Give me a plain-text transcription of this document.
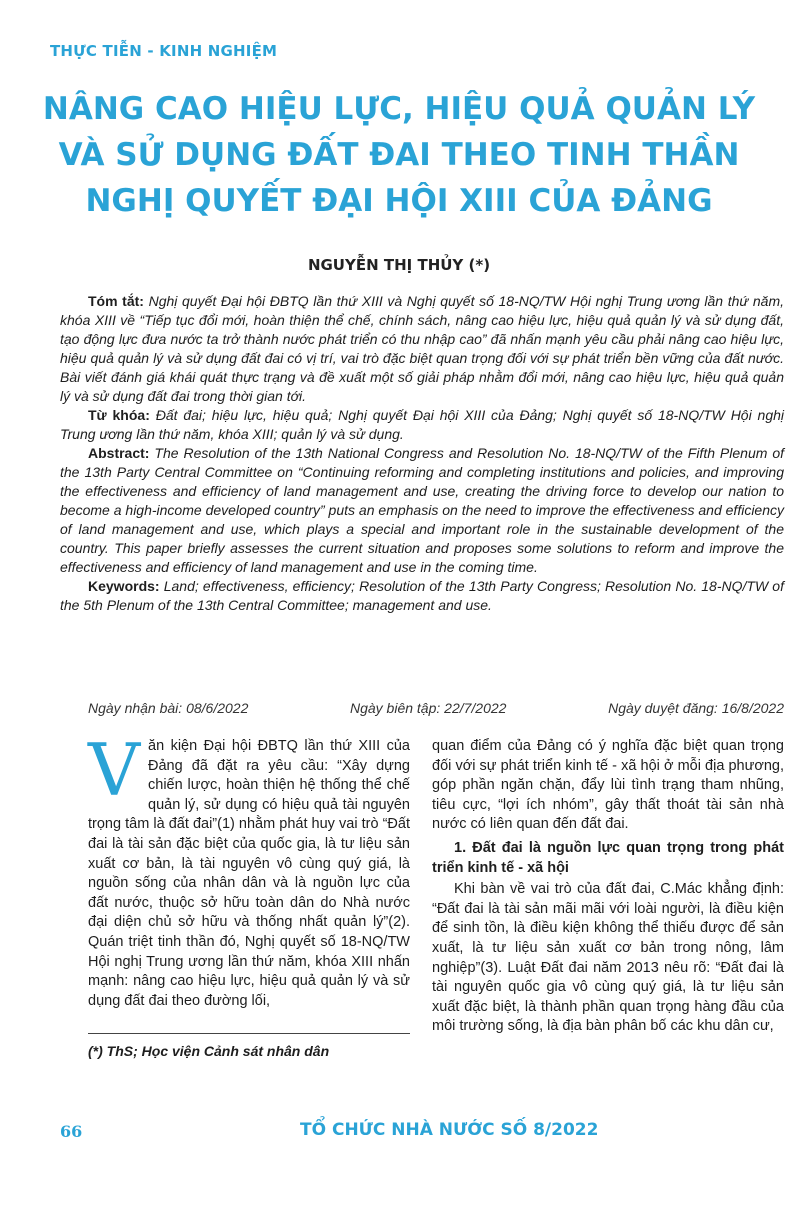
THỰC TIỄN - KINH NGHIỆM
NÂNG CAO HIỆU LỰC, HIỆU QUẢ QUẢN LÝ
VÀ SỬ DỤNG ĐẤT ĐAI THEO TINH THẦN
NGHỊ QUYẾT ĐẠI HỘI XIII CỦA ĐẢNG
NGUYỄN THỊ THỦY (*)

Tóm tắt: Nghị quyết Đại hội ĐBTQ lần thứ XIII và Nghị quyết số 18-NQ/TW Hội nghị Trung ương lần thứ năm, khóa XIII về “Tiếp tục đổi mới, hoàn thiện thể chế, chính sách, nâng cao hiệu lực, hiệu quả quản lý và sử dụng đất, tạo động lực đưa nước ta trở thành nước phát triển có thu nhập cao” đã nhấn mạnh yêu cầu phải nâng cao hiệu lực, hiệu quả quản lý và sử dụng đất đai có vị trí, vai trò đặc biệt quan trọng đối với sự phát triển bền vững của đất nước. Bài viết đánh giá khái quát thực trạng và đề xuất một số giải pháp nhằm đổi mới, nâng cao hiệu lực, hiệu quả quản lý và sử dụng đất đai trong thời gian tới.

Từ khóa: Đất đai; hiệu lực, hiệu quả; Nghị quyết Đại hội XIII của Đảng; Nghị quyết số 18-NQ/TW Hội nghị Trung ương lần thứ năm, khóa XIII; quản lý và sử dụng.

Abstract: The Resolution of the 13th National Congress and Resolution No. 18-NQ/TW of the Fifth Plenum of the 13th Party Central Committee on “Continuing reforming and completing institutions and policies, and improving the effectiveness and efficiency of land management and use, creating the driving force to develop our nation to become a high-income developed country” puts an emphasis on the need to improve the effectiveness and efficiency of land management and use, which plays a special and important role in the sustainable development of the country. This paper briefly assesses the current situation and proposes some solutions to reform and improve the effectiveness and efficiency of land management and use in the coming time.

Keywords: Land; effectiveness, efficiency; Resolution of the 13th Party Congress; Resolution No. 18-NQ/TW of the 5th Plenum of the 13th Central Committee; management and use.

Ngày nhận bài: 08/6/2022	Ngày biên tập: 22/7/2022	Ngày duyệt đăng: 16/8/2022

V ăn kiện Đại hội ĐBTQ lần thứ XIII của Đảng đã đặt ra yêu cầu: “Xây dựng chiến lược, hoàn thiện hệ thống thể chế quản lý, sử dụng có hiệu quả tài nguyên trọng tâm là đất đai”(1) nhằm phát huy vai trò “Đất đai là tài sản đặc biệt của quốc gia, là tư liệu sản xuất cơ bản, là tài nguyên vô cùng quý giá, là nguồn sống của nhân dân và là nguồn lực của đất nước, thuộc sở hữu toàn dân do Nhà nước đại diện chủ sở hữu và thống nhất quản lý”(2). Quán triệt tinh thần đó, Nghị quyết số 18-NQ/TW Hội nghị Trung ương lần thứ năm, khóa XIII nhấn mạnh: nâng cao hiệu lực, hiệu quả quản lý và sử dụng đất đai theo đường lối,

quan điểm của Đảng có ý nghĩa đặc biệt quan trọng đối với sự phát triển kinh tế - xã hội ở mỗi địa phương, góp phần ngăn chặn, đẩy lùi tình trạng tham nhũng, tiêu cực, “lợi ích nhóm”, gây thất thoát tài sản nhà nước có liên quan đến đất đai.

1. Đất đai là nguồn lực quan trọng trong phát triển kinh tế - xã hội

Khi bàn về vai trò của đất đai, C.Mác khẳng định: “Đất đai là tài sản mãi mãi với loài người, là điều kiện để sinh tồn, là điều kiện không thể thiếu được để sản xuất, là tư liệu sản xuất cơ bản trong nông, lâm nghiệp”(3). Luật Đất đai năm 2013 nêu rõ: “Đất đai là tài nguyên quốc gia vô cùng quý giá, là tư liệu sản xuất đặc biệt, là thành phần quan trọng hàng đầu của môi trường sống, là địa bàn phân bố các khu dân cư,

(*) ThS; Học viện Cảnh sát nhân dân
66	TỔ CHỨC NHÀ NƯỚC SỐ 8/2022
